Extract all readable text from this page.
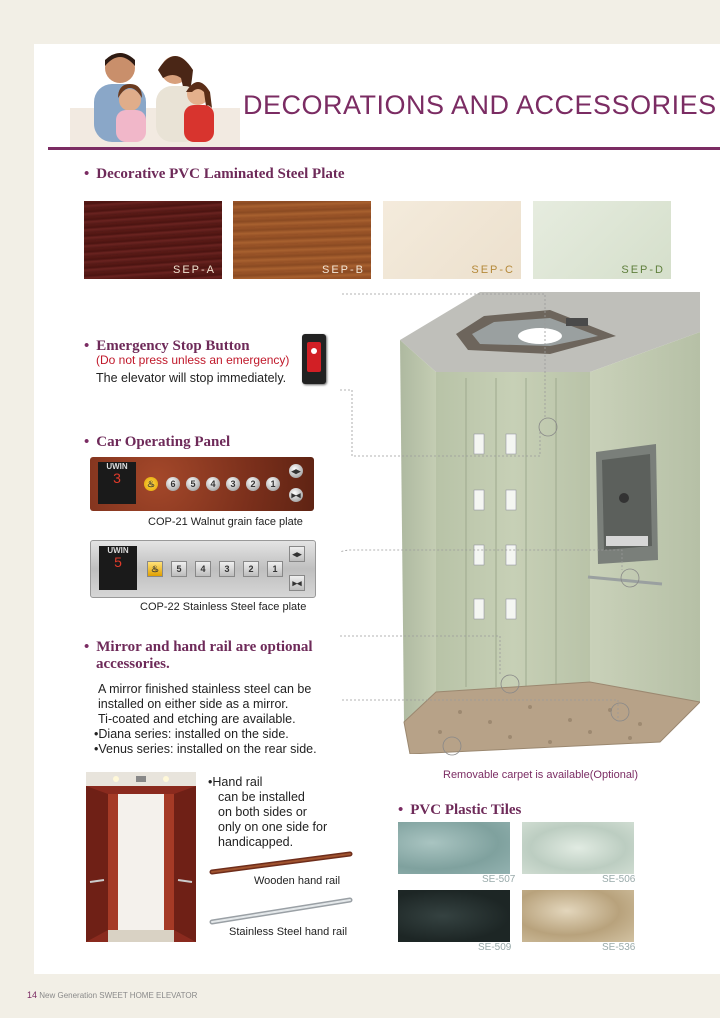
DECORATIONS AND ACCESSORIES
• Decorative PVC Laminated Steel Plate
SEP-A	SEP-B	SEP-C	SEP-D
• Emergency Stop Button
(Do not press unless an emergency)
The elevator will stop immediately.
• Car Operating Panel
UWIN
3	♨	6	5	4	3	2	1
◂▸
▸◂
COP-21 Walnut grain face plate
UWIN
5	♨	5	4	3	2	1
◂▸
▸◂
COP-22 Stainless Steel face plate
• Mirror and hand rail are optional
accessories.
A mirror finished stainless steel can be
installed on either side as a mirror.
Ti-coated and etching are available.
•Diana series: installed on the side.
•Venus series: installed on the rear side.
•Hand rail
can be installed
on both sides or
only on one side for
handicapped.
Wooden hand rail
Stainless Steel hand rail
Removable carpet is available(Optional)
• PVC Plastic Tiles
SE-507	SE-506
SE-509	SE-536
14 New Generation SWEET HOME ELEVATOR
